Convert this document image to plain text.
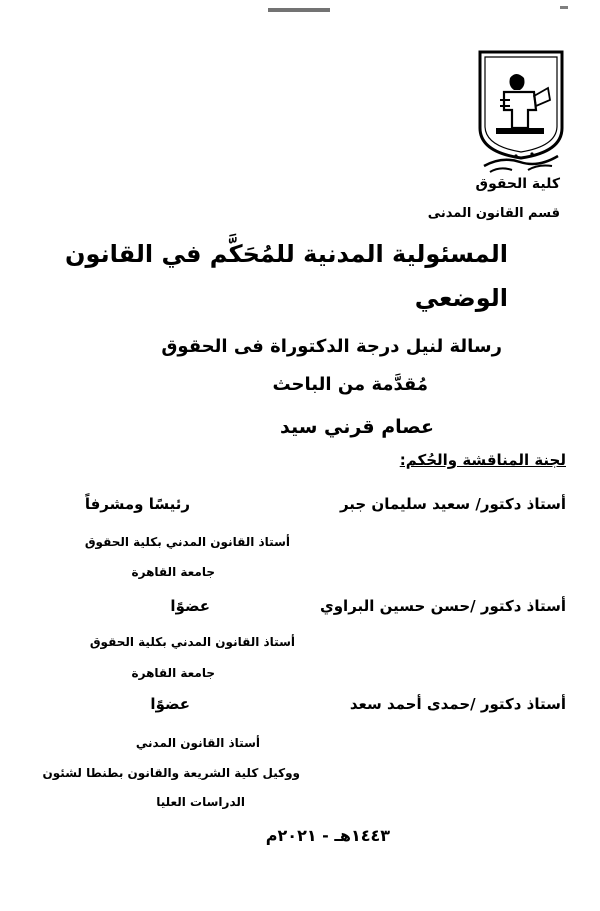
كلية الحقوق
قسم القانون المدنى
المسئولية المدنية للمُحَكَّم في القانون
الوضعي
رسالة لنيل درجة الدكتوراة فى الحقوق
مُقدَّمة من الباحث
عصام قرني سيد
لجنة المناقشة والحُكم:
أستاذ دكتور/ سعيد سليمان جبر
رئيسًا ومشرفاً
أستاذ القانون المدني بكلية الحقوق
جامعة القاهرة
أستاذ دكتور /حسن حسين البراوي
عضوًا
أستاذ القانون المدني بكلية الحقوق
جامعة القاهرة
أستاذ دكتور /حمدى أحمد سعد
عضوًا
أستاذ القانون المدني
ووكيل كلية الشريعة والقانون بطنطا لشئون
الدراسات العليا
١٤٤٣هـ - ٢٠٢١م
